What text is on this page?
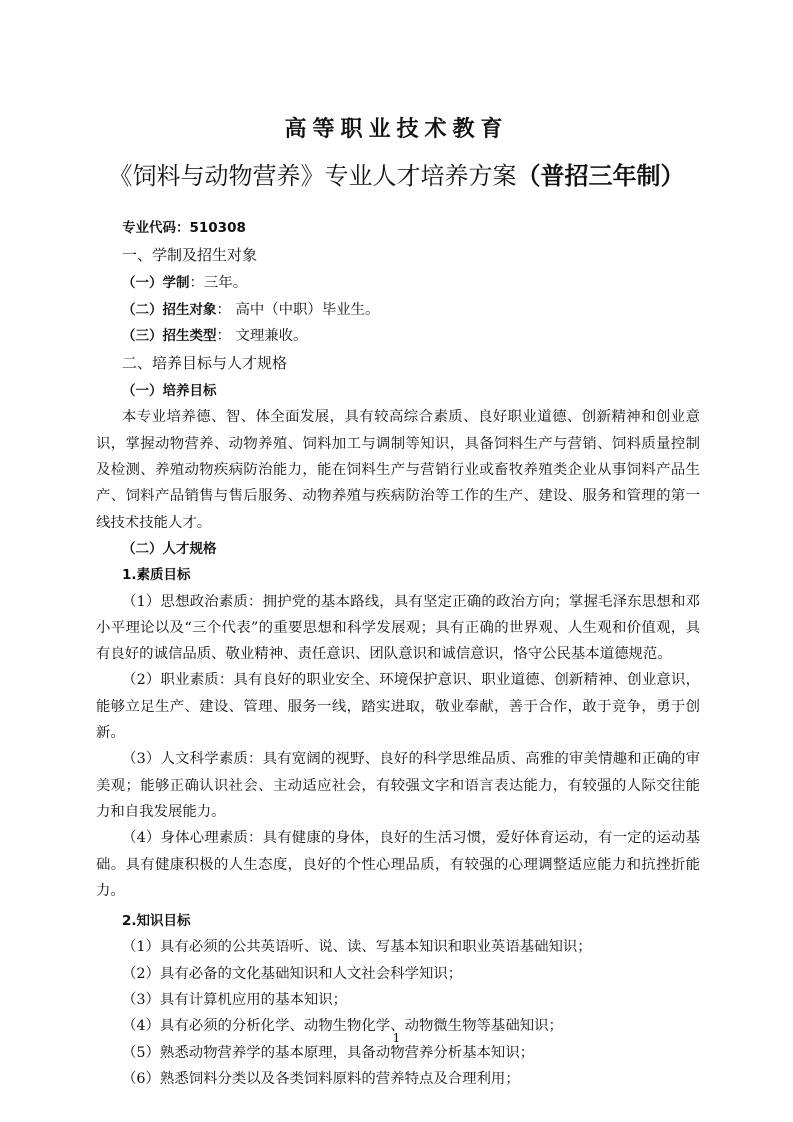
高等职业技术教育
《饲料与动物营养》专业人才培养方案（普招三年制）

专业代码：510308

一、学制及招生对象

（一）学制：三年。

（二）招生对象： 高中（中职）毕业生。

（三）招生类型： 文理兼收。

二、培养目标与人才规格

（一）培养目标

本专业培养德、智、体全面发展，具有较高综合素质、良好职业道德、创新精神和创业意识，掌握动物营养、动物养殖、饲料加工与调制等知识，具备饲料生产与营销、饲料质量控制及检测、养殖动物疾病防治能力，能在饲料生产与营销行业或畜牧养殖类企业从事饲料产品生产、饲料产品销售与售后服务、动物养殖与疾病防治等工作的生产、建设、服务和管理的第一线技术技能人才。

（二）人才规格

1.素质目标

（1）思想政治素质：拥护党的基本路线，具有坚定正确的政治方向；掌握毛泽东思想和邓小平理论以及“三个代表”的重要思想和科学发展观；具有正确的世界观、人生观和价值观，具有良好的诚信品质、敬业精神、责任意识、团队意识和诚信意识，恪守公民基本道德规范。

（2）职业素质：具有良好的职业安全、环境保护意识、职业道德、创新精神、创业意识，能够立足生产、建设、管理、服务一线，踏实进取，敬业奉献，善于合作，敢于竞争，勇于创新。

（3）人文科学素质：具有宽阔的视野、良好的科学思维品质、高雅的审美情趣和正确的审美观；能够正确认识社会、主动适应社会，有较强文字和语言表达能力，有较强的人际交往能力和自我发展能力。

（4）身体心理素质：具有健康的身体，良好的生活习惯，爱好体育运动，有一定的运动基础。具有健康积极的人生态度，良好的个性心理品质，有较强的心理调整适应能力和抗挫折能力。

2.知识目标

（1）具有必须的公共英语听、说、读、写基本知识和职业英语基础知识；

（2）具有必备的文化基础知识和人文社会科学知识；

（3）具有计算机应用的基本知识；

（4）具有必须的分析化学、动物生物化学、动物微生物等基础知识；

（5）熟悉动物营养学的基本原理，具备动物营养分析基本知识；

（6）熟悉饲料分类以及各类饲料原料的营养特点及合理利用；

1
